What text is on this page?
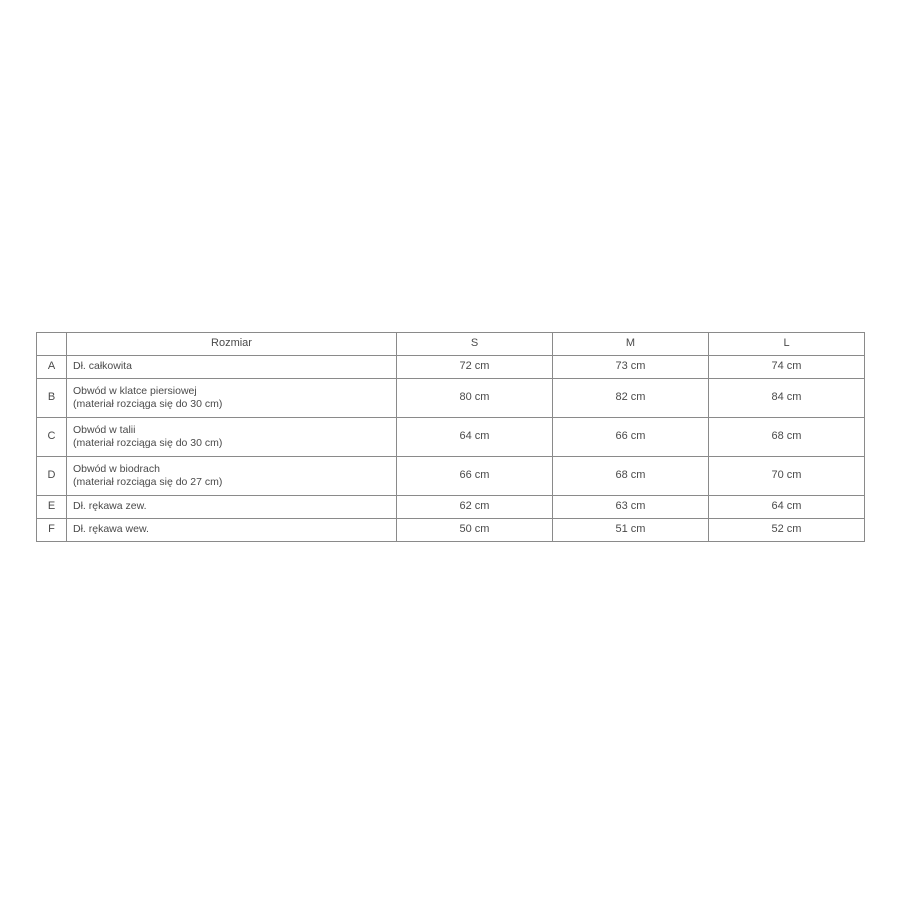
	Rozmiar	S	M	L
A	Dł. całkowita	72 cm	73 cm	74 cm
B	Obwód w klatce piersiowej
(materiał rozciąga się do 30 cm)	80 cm	82 cm	84 cm
C	Obwód w talii
(materiał rozciąga się do 30 cm)	64 cm	66 cm	68 cm
D	Obwód w biodrach
(materiał rozciąga się do 27 cm)	66 cm	68 cm	70 cm
E	Dł. rękawa zew.	62 cm	63 cm	64 cm
F	Dł. rękawa wew.	50 cm	51 cm	52 cm
